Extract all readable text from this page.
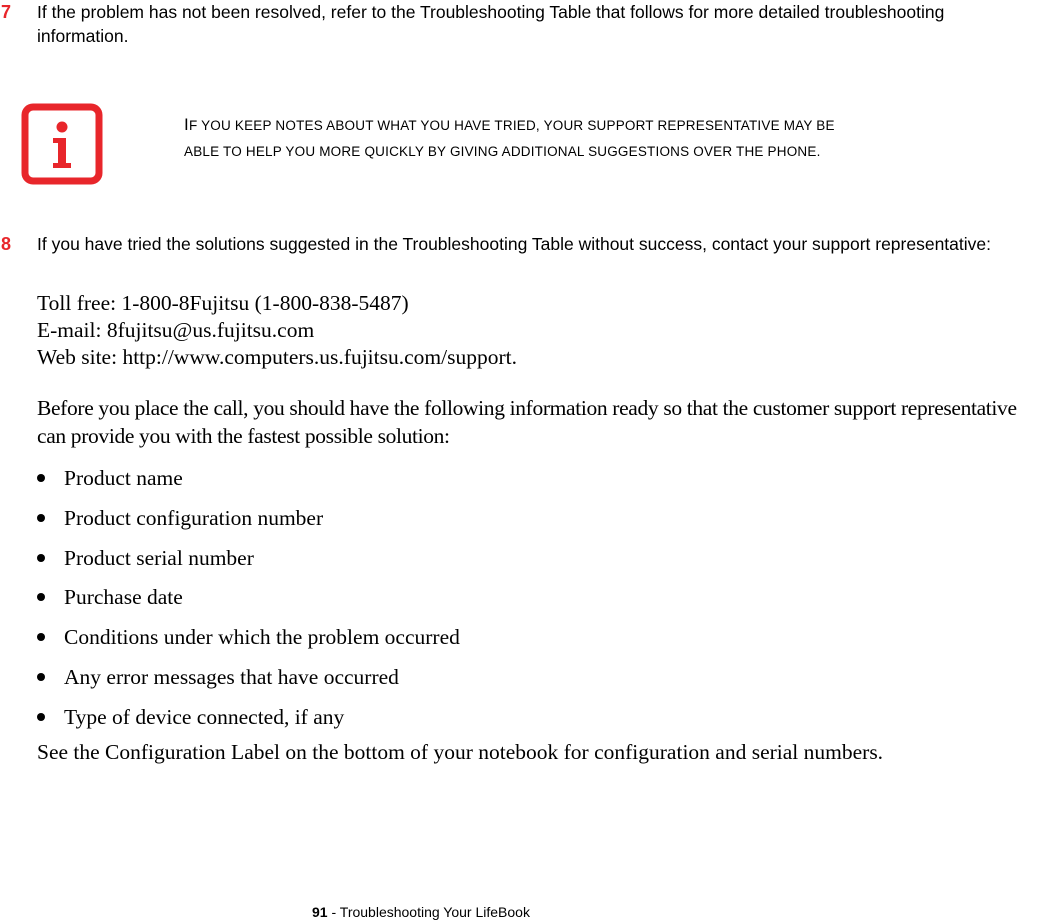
7 If the problem has not been resolved, refer to the Troubleshooting Table that follows for more detailed troubleshooting information.
IF YOU KEEP NOTES ABOUT WHAT YOU HAVE TRIED, YOUR SUPPORT REPRESENTATIVE MAY BE
ABLE TO HELP YOU MORE QUICKLY BY GIVING ADDITIONAL SUGGESTIONS OVER THE PHONE.
8 If you have tried the solutions suggested in the Troubleshooting Table without success, contact your support representative:
Toll free: 1-800-8Fujitsu (1-800-838-5487)
E-mail: 8fujitsu@us.fujitsu.com
Web site: http://www.computers.us.fujitsu.com/support.
Before you place the call, you should have the following information ready so that the customer support representative can provide you with the fastest possible solution:
Product name
Product configuration number
Product serial number
Purchase date
Conditions under which the problem occurred
Any error messages that have occurred
Type of device connected, if any
See the Configuration Label on the bottom of your notebook for configuration and serial numbers.
91 - Troubleshooting Your LifeBook
